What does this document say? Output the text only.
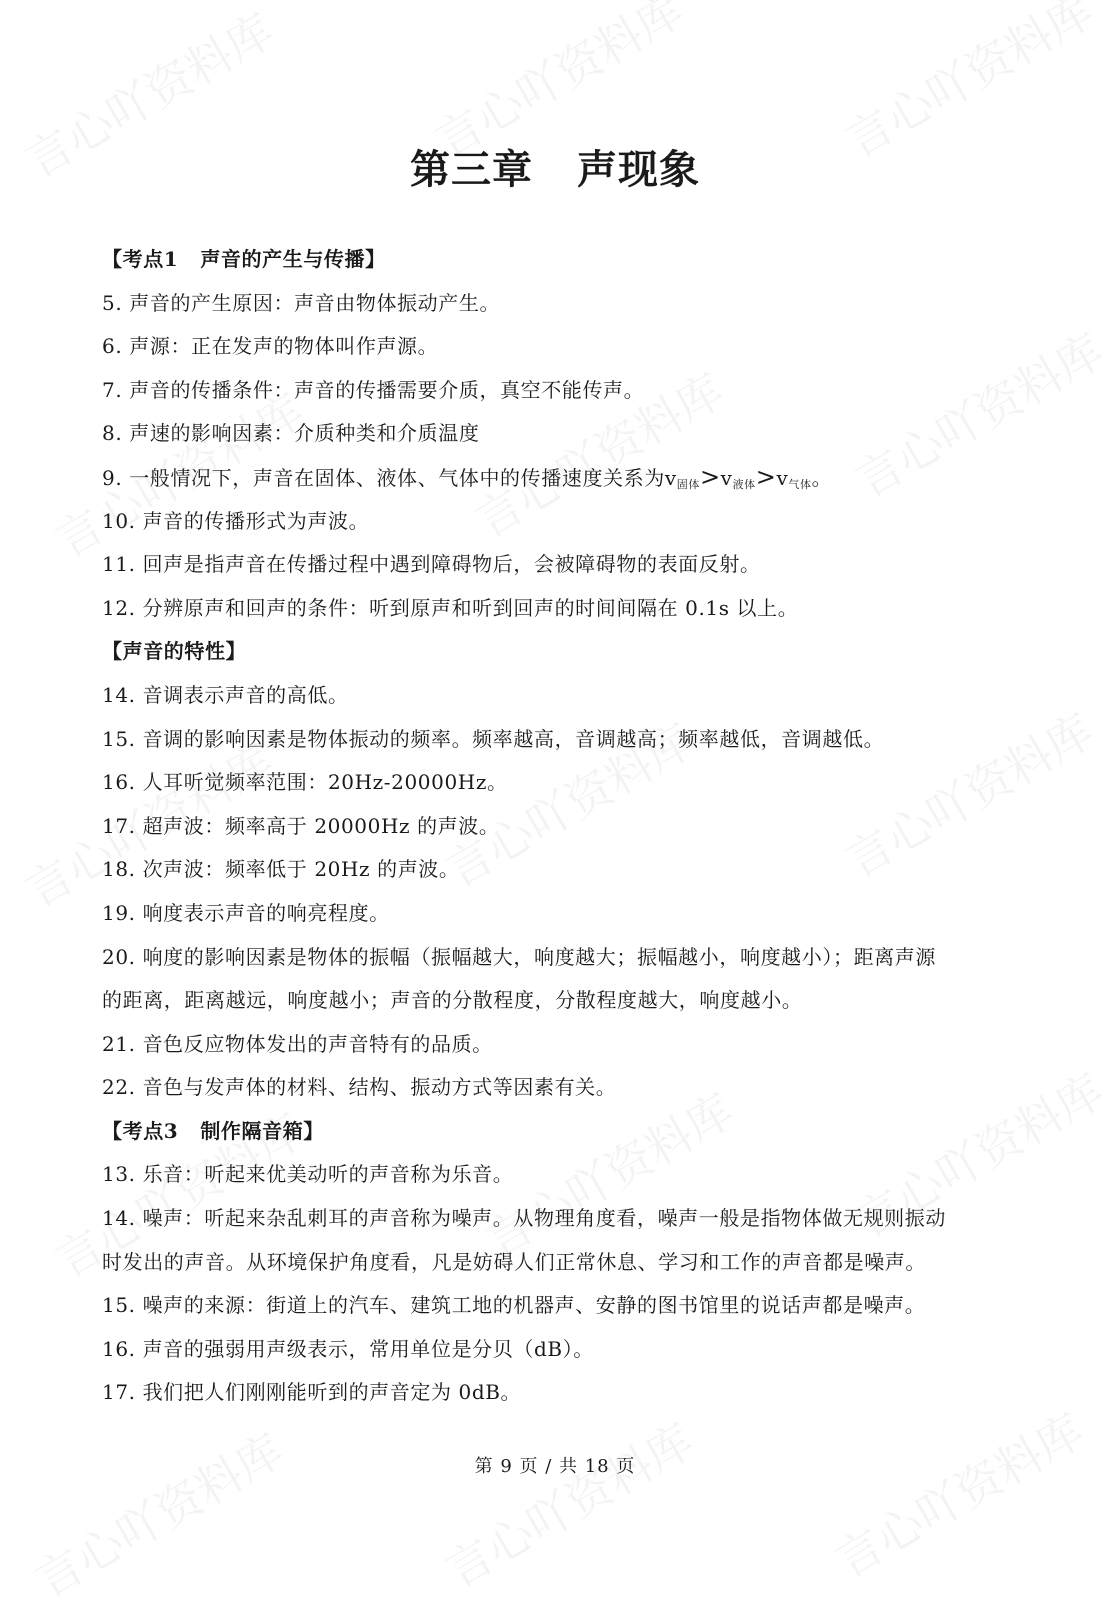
第三章 声现象
【考点1 声音的产生与传播】
5. 声音的产生原因：声音由物体振动产生。
6. 声源：正在发声的物体叫作声源。
7. 声音的传播条件：声音的传播需要介质，真空不能传声。
8. 声速的影响因素：介质种类和介质温度
9. 一般情况下，声音在固体、液体、气体中的传播速度关系为$v_{固体}>v_{液体}>v_{气体}$。
10. 声音的传播形式为声波。
11. 回声是指声音在传播过程中遇到障碍物后，会被障碍物的表面反射。
12. 分辨原声和回声的条件：听到原声和听到回声的时间间隔在 0.1s 以上。
【声音的特性】
14. 音调表示声音的高低。
15. 音调的影响因素是物体振动的频率。频率越高，音调越高；频率越低，音调越低。
16. 人耳听觉频率范围：20Hz-20000Hz。
17. 超声波：频率高于 20000Hz 的声波。
18. 次声波：频率低于 20Hz 的声波。
19. 响度表示声音的响亮程度。
20. 响度的影响因素是物体的振幅（振幅越大，响度越大；振幅越小，响度越小）；距离声源
的距离，距离越远，响度越小；声音的分散程度，分散程度越大，响度越小。
21. 音色反应物体发出的声音特有的品质。
22. 音色与发声体的材料、结构、振动方式等因素有关。
【考点3 制作隔音箱】
13. 乐音：听起来优美动听的声音称为乐音。
14. 噪声：听起来杂乱刺耳的声音称为噪声。从物理角度看，噪声一般是指物体做无规则振动
时发出的声音。从环境保护角度看，凡是妨碍人们正常休息、学习和工作的声音都是噪声。
15. 噪声的来源：街道上的汽车、建筑工地的机器声、安静的图书馆里的说话声都是噪声。
16. 声音的强弱用声级表示，常用单位是分贝（dB）。
17. 我们把人们刚刚能听到的声音定为 0dB。
第 9 页 / 共 18 页
